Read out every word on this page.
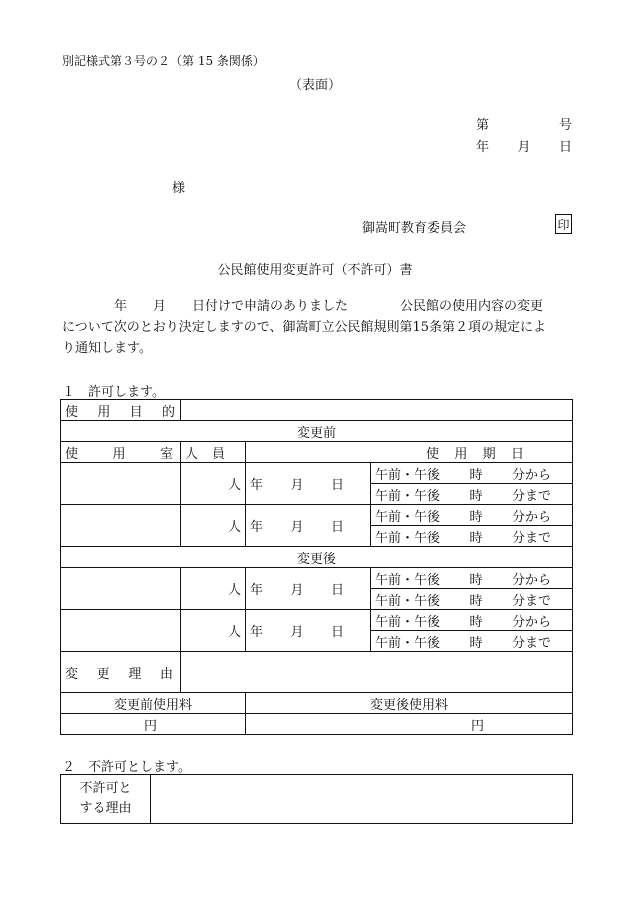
別記様式第３号の２（第 15 条関係）
（表面）
第	号
年 月 日
様
御嵩町教育委員会	印
公民館使用変更許可（不許可）書
　　　　年　　月　　日付けで申請のありました　　　　公民館の使用内容の変更
について次のとおり決定しますので、御嵩町立公民館規則第15条第２項の規定によ
り通知します。
１　許可します。
使 用 目 的			

変更前			

使 用 室	人 員	使 用 期 日	

	人	年 月 日	午前・午後 時 分から

			午前・午後 時 分まで

	人	年 月 日	午前・午後 時 分から

			午前・午後 時 分まで

変更後			
	人	年 月 日	午前・午後 時 分から

			午前・午後 時 分まで

	人	年 月 日	午前・午後 時 分から

			午前・午後 時 分まで

変 更 理 由			

変更前使用料		変更後使用料	
円		円	
２　不許可とします。
不許可と
する理由
